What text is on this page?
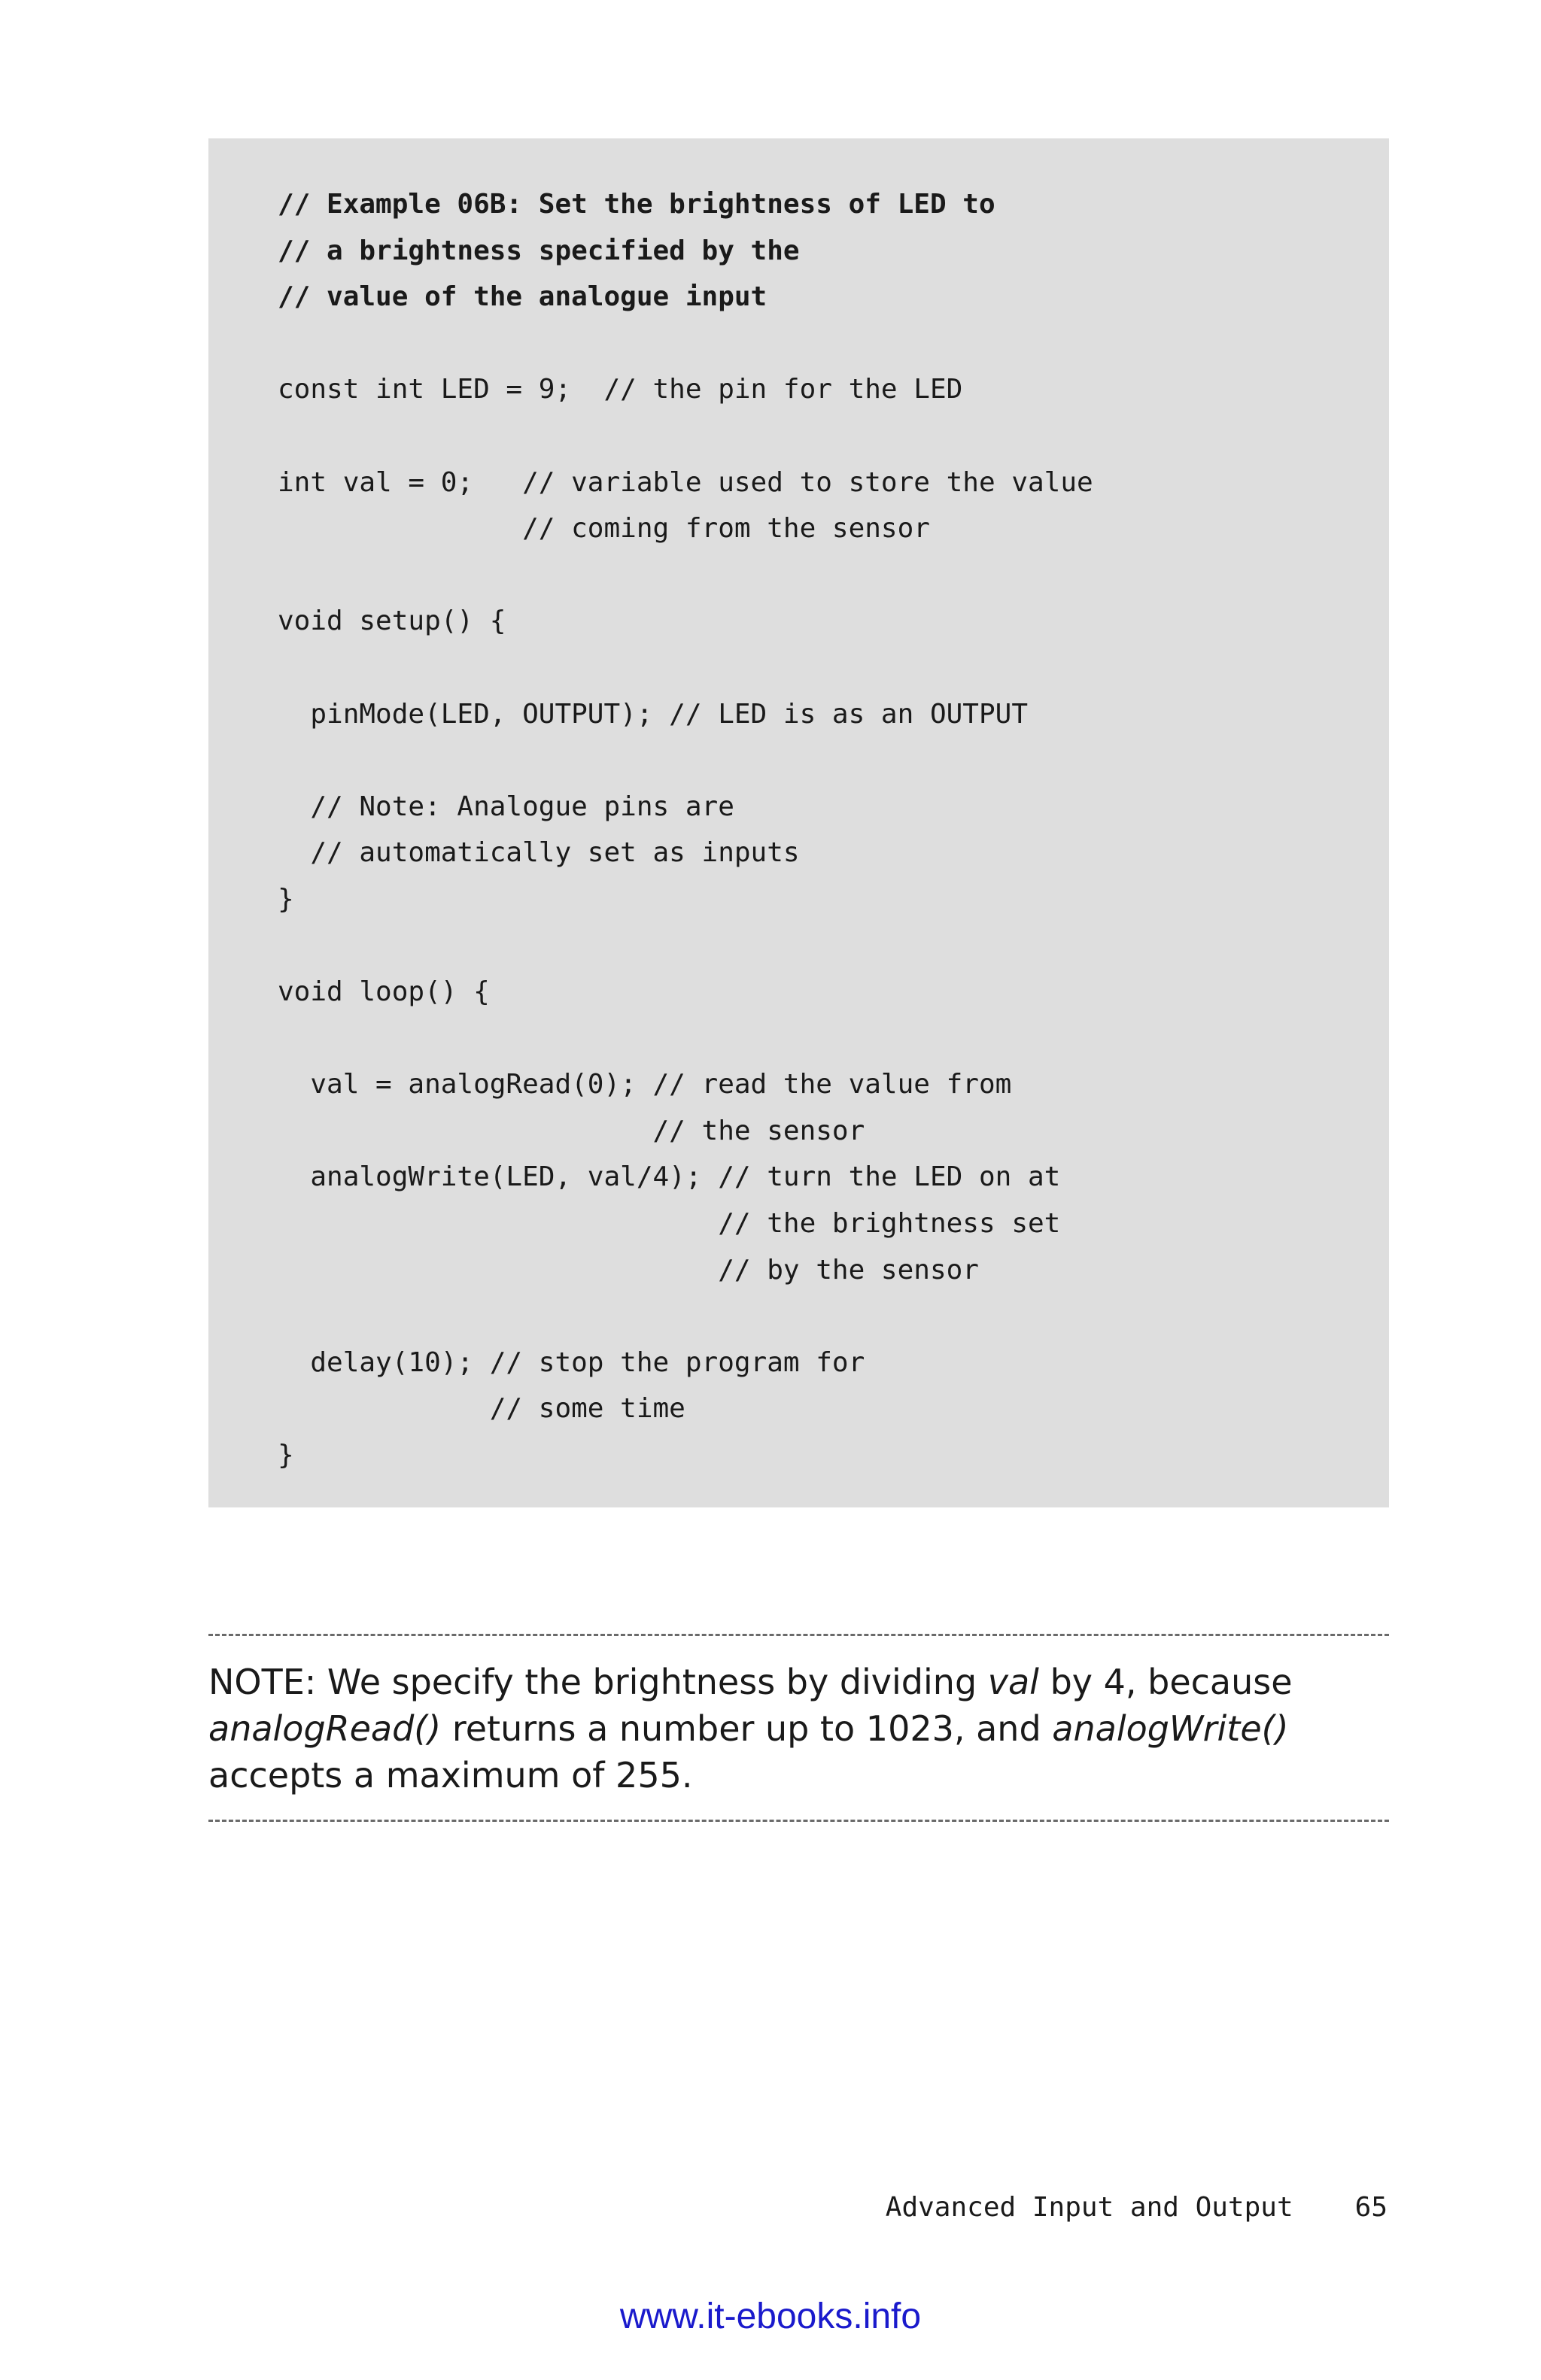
// Example 06B: Set the brightness of LED to
// a brightness specified by the
// value of the analogue input
const int LED = 9;  // the pin for the LED
int val = 0;   // variable used to store the value
// coming from the sensor
void setup() {
pinMode(LED, OUTPUT); // LED is as an OUTPUT
// Note: Analogue pins are
// automatically set as inputs
}
void loop() {
val = analogRead(0); // read the value from
// the sensor
analogWrite(LED, val/4); // turn the LED on at
// the brightness set
// by the sensor
delay(10); // stop the program for
// some time
}

NOTE: We specify the brightness by dividing val by 4, because
analogRead() returns a number up to 1023, and analogWrite()
accepts a maximum of 255.

Advanced Input and Output 65
www.it-ebooks.info
